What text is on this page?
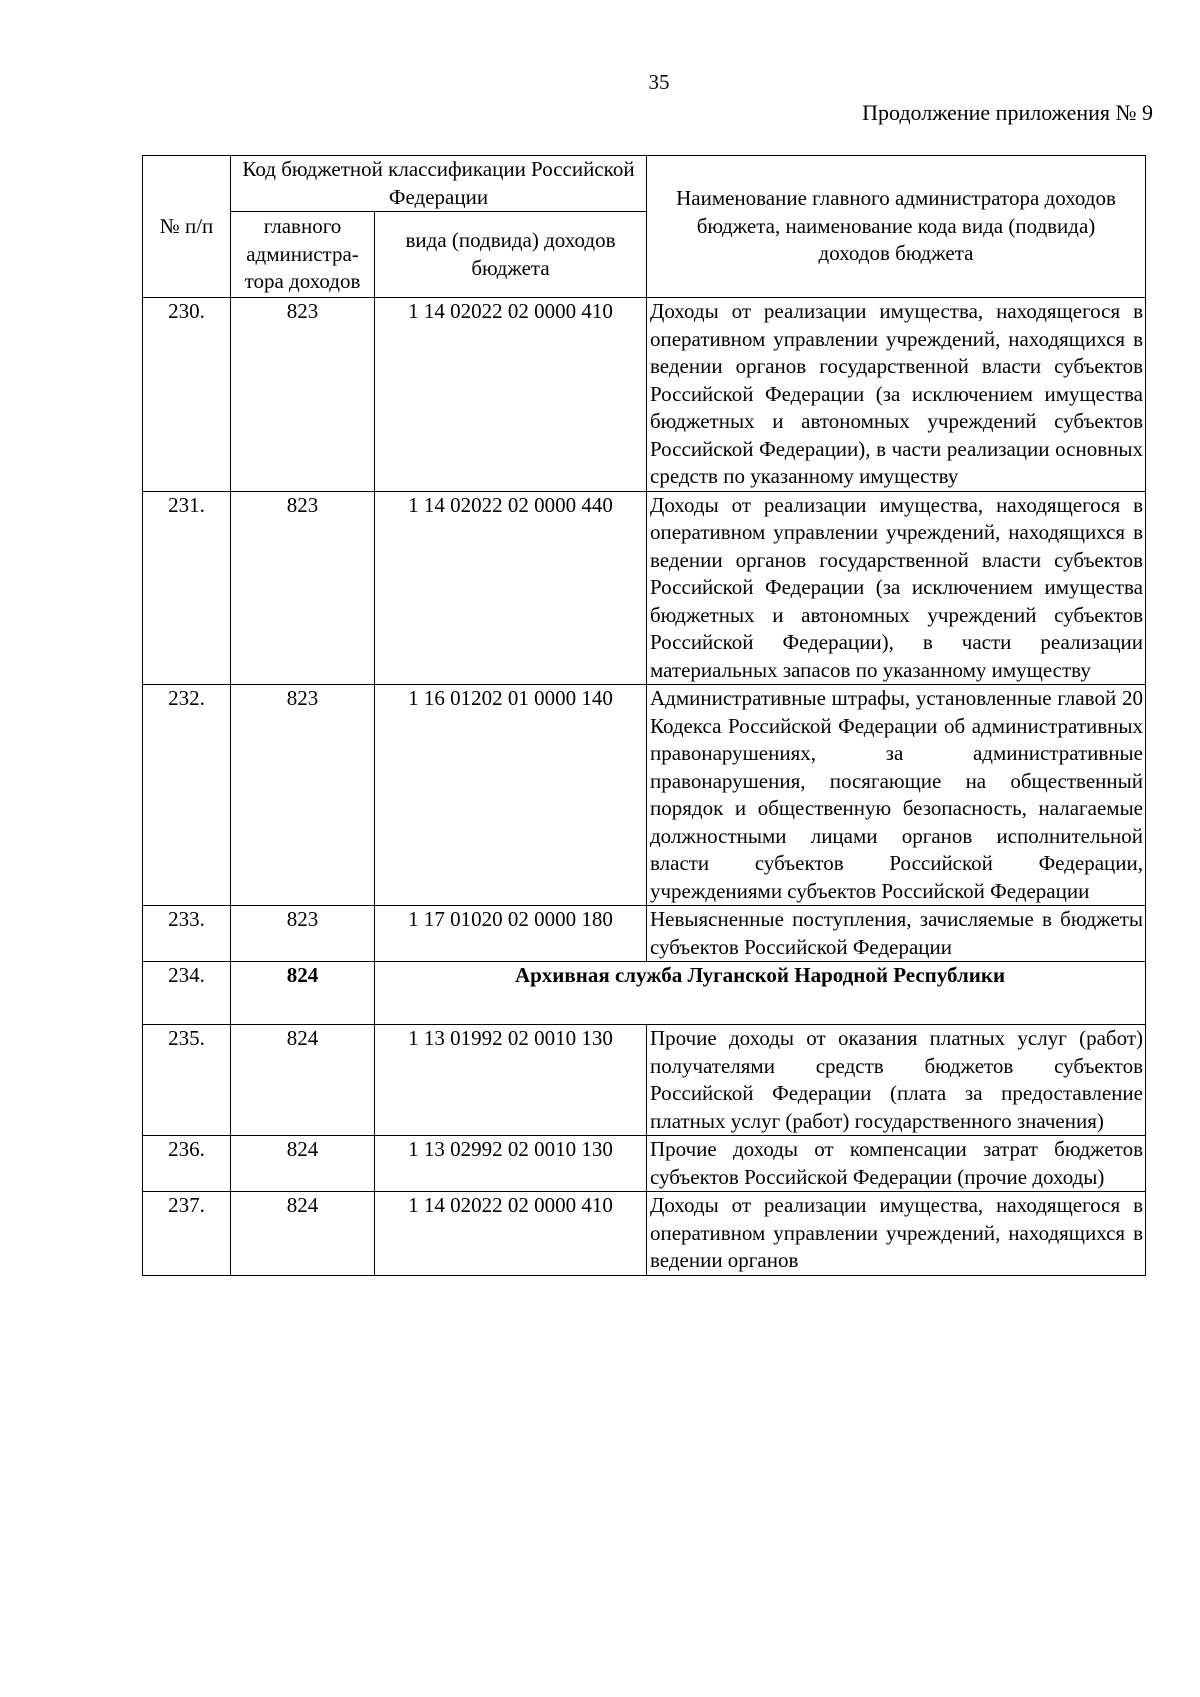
35
Продолжение приложения № 9
№ п/п	Код бюджетной классификации Российской Федерации		Наименование главного администратора доходов бюджета, наименование кода вида (подвида) доходов бюджета
	главного администра-тора доходов	вида (подвида) доходов бюджета	
230.	823	1 14 02022 02 0000 410	Доходы от реализации имущества, находящегося в оперативном управлении учреждений, находящихся в ведении органов государственной власти субъектов Российской Федерации (за исключением имущества бюджетных и автономных учреждений субъектов Российской Федерации), в части реализации основных средств по указанному имуществу
231.	823	1 14 02022 02 0000 440	Доходы от реализации имущества, находящегося в оперативном управлении учреждений, находящихся в ведении органов государственной власти субъектов Российской Федерации (за исключением имущества бюджетных и автономных учреждений субъектов Российской Федерации), в части реализации материальных запасов по указанному имуществу
232.	823	1 16 01202 01 0000 140	Административные штрафы, установленные главой 20 Кодекса Российской Федерации об административных правонарушениях, за административные правонарушения, посягающие на общественный порядок и общественную безопасность, налагаемые должностными лицами органов исполнительной власти субъектов Российской Федерации, учреждениями субъектов Российской Федерации
233.	823	1 17 01020 02 0000 180	Невыясненные поступления, зачисляемые в бюджеты субъектов Российской Федерации
234.	824	Архивная служба Луганской Народной Республики	
235.	824	1 13 01992 02 0010 130	Прочие доходы от оказания платных услуг (работ) получателями средств бюджетов субъектов Российской Федерации (плата за предоставление платных услуг (работ) государственного значения)
236.	824	1 13 02992 02 0010 130	Прочие доходы от компенсации затрат бюджетов субъектов Российской Федерации (прочие доходы)
237.	824	1 14 02022 02 0000 410	Доходы от реализации имущества, находящегося в оперативном управлении учреждений, находящихся в ведении органов
